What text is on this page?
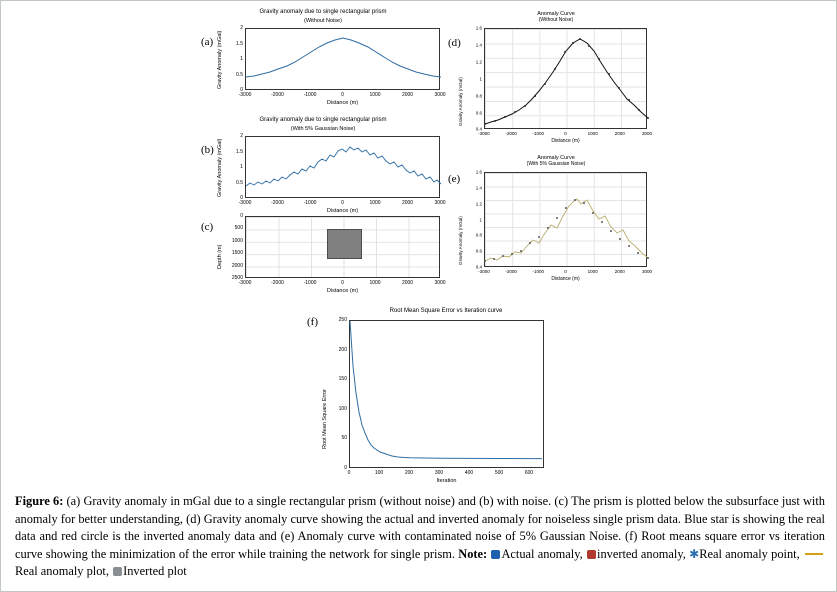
(a)
Gravity anomaly due to single rectangular prism
(Without Noise)
2
1.5
1
0.5
0
-3000	-2000	-1000	0	1000	2000	3000
Distance (m)
Gravity Anomaly (mGal)
(b)
Gravity anomaly due to single rectangular prism
(With 5% Gaussian Noise)
2
1.5
1
0.5
0
-3000	-2000	-1000	0	1000	2000	3000
Distance (m)
Gravity Anomaly (mGal)
(c)
0
500
1000
1500
2000
2500
-3000	-2000	-1000	0	1000	2000	3000
Distance (m)
Depth (m)
(d)
Anomaly Curve
(Without Noise)
1.6
1.4
1.2
1
0.8
0.6
0.4
-3000	-2000	-1000	0	1000	2000	3000
Distance (m)
Gravity Anomaly (mGal)
(e)
Anomaly Curve
(With 5% Gaussian Noise)
1.6
1.4
1.2
1
0.8
0.6
0.4
-3000	-2000	-1000	0	1000	2000	3000
Distance (m)
Gravity Anomaly (mGal)
(f)
Root Mean Square Error vs Iteration curve
250
200
150
100
50
0
0	100	200	300	400	500	600
Iteration
Root Mean Square Error
Figure 6: (a) Gravity anomaly in mGal due to a single rectangular prism (without noise) and (b) with noise. (c) The prism is plotted below the subsurface just with anomaly for better understanding, (d) Gravity anomaly curve showing the actual and inverted anomaly for noiseless single prism data. Blue star is showing the real data and red circle is the inverted anomaly data and (e) Anomaly curve with contaminated noise of 5% Gaussian Noise. (f) Root means square error vs iteration curve showing the minimization of the error while training the network for single prism. Note: Actual anomaly, inverted anomaly, ✱Real anomaly point, Real anomaly plot, Inverted plot
